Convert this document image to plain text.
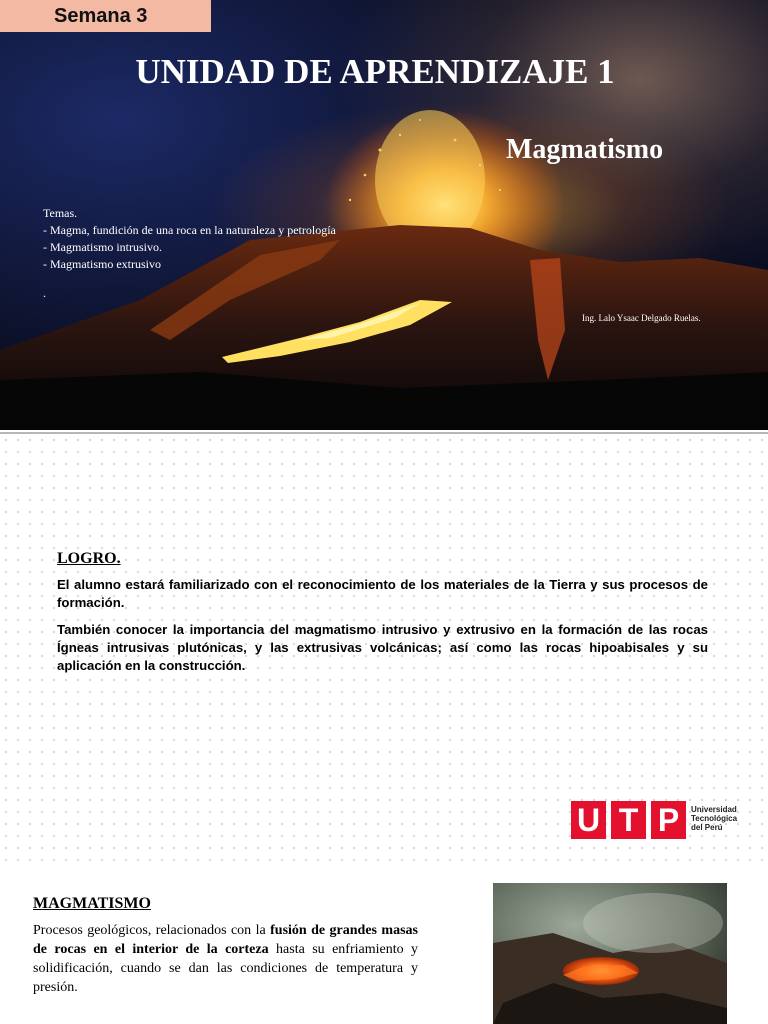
Semana 3
UNIDAD DE APRENDIZAJE 1
Magmatismo
Temas.
- Magma, fundición de una roca en la naturaleza y petrología
- Magmatismo intrusivo.
- Magmatismo extrusivo
.
Ing. Lalo Ysaac Delgado Ruelas.
LOGRO.
El alumno estará familiarizado con el reconocimiento de los materiales de la Tierra y sus procesos de formación.
También conocer la importancia del magmatismo intrusivo y extrusivo en la formación de las rocas Ígneas intrusivas plutónicas, y las extrusivas volcánicas; así como las rocas hipoabisales y su aplicación en la construcción.
U T P	Universidad
Tecnológica
del Perú
MAGMATISMO
Procesos geológicos, relacionados con la fusión de grandes masas de rocas en el interior de la corteza hasta su enfriamiento y solidificación, cuando se dan las condiciones de temperatura y presión.
